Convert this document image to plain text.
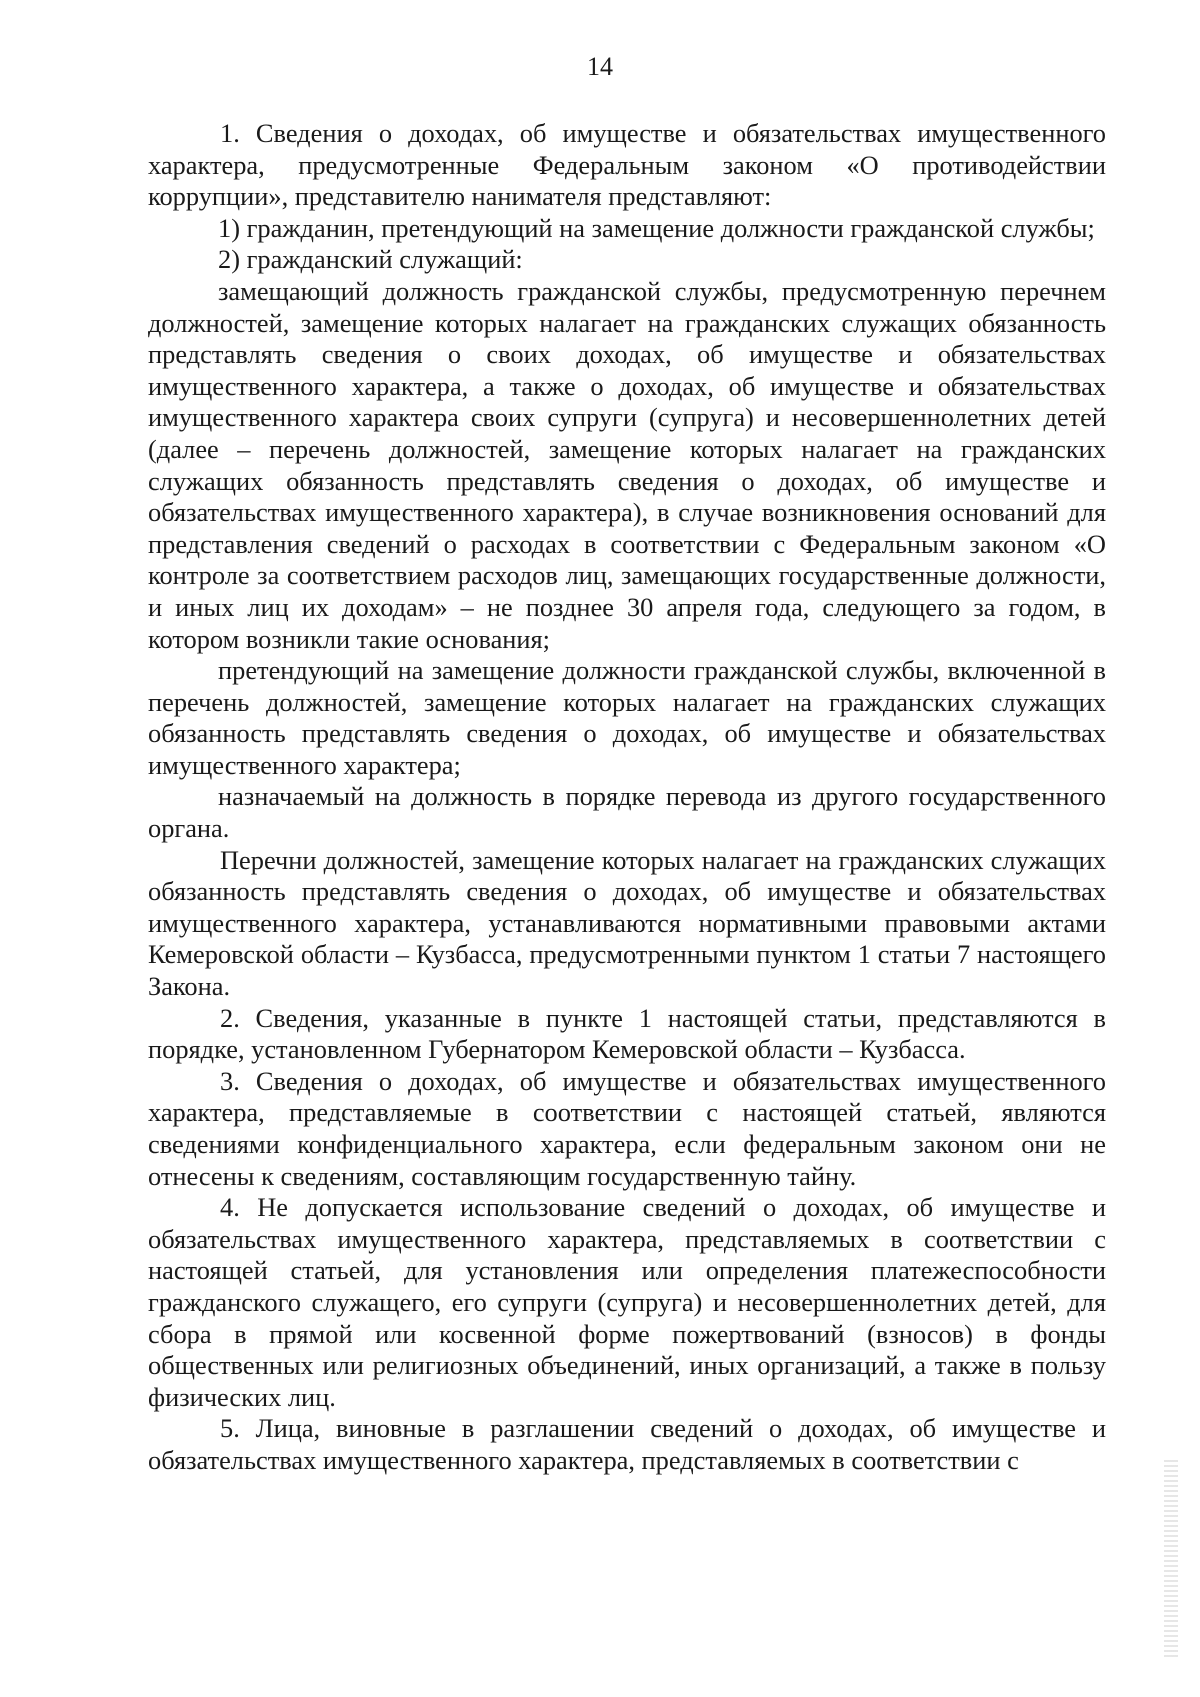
14

1. Сведения о доходах, об имуществе и обязательствах имущественного характера, предусмотренные Федеральным законом «О противодействии коррупции», представителю нанимателя представляют:

1) гражданин, претендующий на замещение должности гражданской службы;

2) гражданский служащий:

замещающий должность гражданской службы, предусмотренную перечнем должностей, замещение которых налагает на гражданских служащих обязанность представлять сведения о своих доходах, об имуществе и обязательствах имущественного характера, а также о доходах, об имуществе и обязательствах имущественного характера своих супруги (супруга) и несовершеннолетних детей (далее – перечень должностей, замещение которых налагает на гражданских служащих обязанность представлять сведения о доходах, об имуществе и обязательствах имущественного характера), в случае возникновения оснований для представления сведений о расходах в соответствии с Федеральным законом «О контроле за соответствием расходов лиц, замещающих государственные должности, и иных лиц их доходам» – не позднее 30 апреля года, следующего за годом, в котором возникли такие основания;

претендующий на замещение должности гражданской службы, включенной в перечень должностей, замещение которых налагает на гражданских служащих обязанность представлять сведения о доходах, об имуществе и обязательствах имущественного характера;

назначаемый на должность в порядке перевода из другого государственного органа.

Перечни должностей, замещение которых налагает на гражданских служащих обязанность представлять сведения о доходах, об имуществе и обязательствах имущественного характера, устанавливаются нормативными правовыми актами Кемеровской области – Кузбасса, предусмотренными пунктом 1 статьи 7 настоящего Закона.

2. Сведения, указанные в пункте 1 настоящей статьи, представляются в порядке, установленном Губернатором Кемеровской области – Кузбасса.

3. Сведения о доходах, об имуществе и обязательствах имущественного характера, представляемые в соответствии с настоящей статьей, являются сведениями конфиденциального характера, если федеральным законом они не отнесены к сведениям, составляющим государственную тайну.

4. Не допускается использование сведений о доходах, об имуществе и обязательствах имущественного характера, представляемых в соответствии с настоящей статьей, для установления или определения платежеспособности гражданского служащего, его супруги (супруга) и несовершеннолетних детей, для сбора в прямой или косвенной форме пожертвований (взносов) в фонды общественных или религиозных объединений, иных организаций, а также в пользу физических лиц.

5. Лица, виновные в разглашении сведений о доходах, об имуществе и обязательствах имущественного характера, представляемых в соответствии с
